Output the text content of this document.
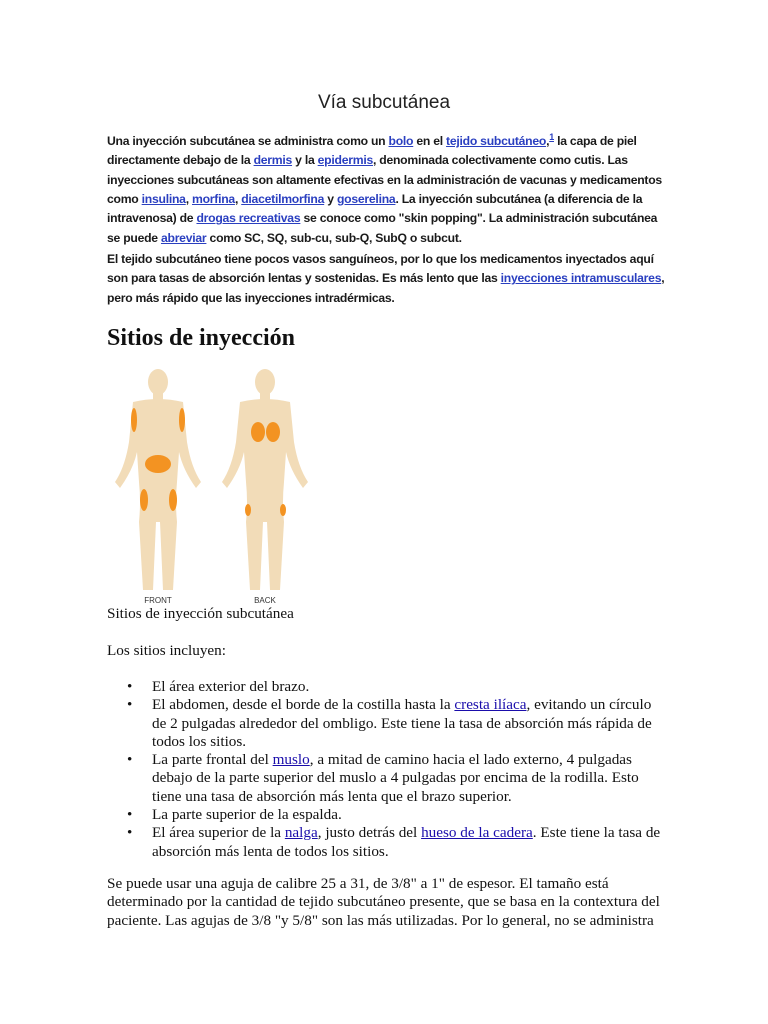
Vía subcutánea
Una inyección subcutánea se administra como un bolo en el tejido subcutáneo,$^1$ la capa de piel directamente debajo de la dermis y la epidermis, denominada colectivamente como cutis. Las inyecciones subcutáneas son altamente efectivas en la administración de vacunas y medicamentos como insulina, morfina, diacetilmorfina y goserelina. La inyección subcutánea (a diferencia de la intravenosa) de drogas recreativas se conoce como "skin popping". La administración subcutánea se puede abreviar como SC, SQ, sub-cu, sub-Q, SubQ o subcut.
El tejido subcutáneo tiene pocos vasos sanguíneos, por lo que los medicamentos inyectados aquí son para tasas de absorción lentas y sostenidas. Es más lento que las inyecciones intramusculares, pero más rápido que las inyecciones intradérmicas.
Sitios de inyección
FRONT	BACK
Sitios de inyección subcutánea
Los sitios incluyen:
• El área exterior del brazo.
• El abdomen, desde el borde de la costilla hasta la cresta ilíaca, evitando un círculo de 2 pulgadas alrededor del ombligo. Este tiene la tasa de absorción más rápida de todos los sitios.
• La parte frontal del muslo, a mitad de camino hacia el lado externo, 4 pulgadas debajo de la parte superior del muslo a 4 pulgadas por encima de la rodilla. Esto tiene una tasa de absorción más lenta que el brazo superior.
• La parte superior de la espalda.
• El área superior de la nalga, justo detrás del hueso de la cadera. Este tiene la tasa de absorción más lenta de todos los sitios.
Se puede usar una aguja de calibre 25 a 31, de 3/8" a 1" de espesor. El tamaño está determinado por la cantidad de tejido subcutáneo presente, que se basa en la contextura del paciente. Las agujas de 3/8 "y 5/8" son las más utilizadas. Por lo general, no se administra
